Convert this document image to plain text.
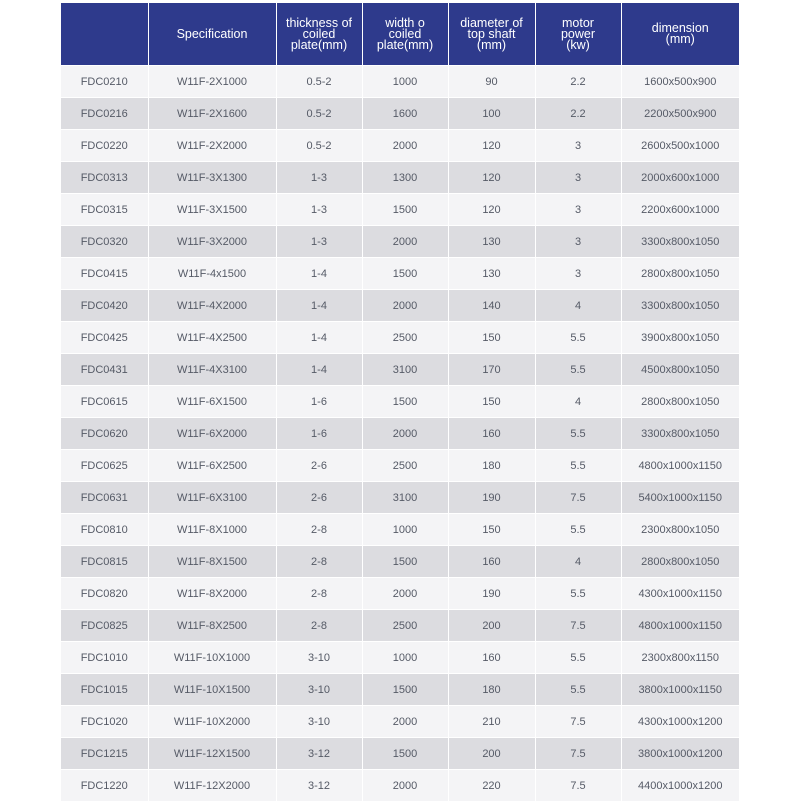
	Specification	thickness of
coiled
plate(mm)	width o
coiled
plate(mm)	diameter of
top shaft
(mm)	motor
power
(kw)	dimension
(mm)

FDC0210	W11F-2X1000	0.5-2	1000	90	2.2	1600x500x900
FDC0216	W11F-2X1600	0.5-2	1600	100	2.2	2200x500x900
FDC0220	W11F-2X2000	0.5-2	2000	120	3	2600x500x1000
FDC0313	W11F-3X1300	1-3	1300	120	3	2000x600x1000
FDC0315	W11F-3X1500	1-3	1500	120	3	2200x600x1000
FDC0320	W11F-3X2000	1-3	2000	130	3	3300x800x1050
FDC0415	W11F-4x1500	1-4	1500	130	3	2800x800x1050
FDC0420	W11F-4X2000	1-4	2000	140	4	3300x800x1050
FDC0425	W11F-4X2500	1-4	2500	150	5.5	3900x800x1050
FDC0431	W11F-4X3100	1-4	3100	170	5.5	4500x800x1050
FDC0615	W11F-6X1500	1-6	1500	150	4	2800x800x1050
FDC0620	W11F-6X2000	1-6	2000	160	5.5	3300x800x1050
FDC0625	W11F-6X2500	2-6	2500	180	5.5	4800x1000x1150
FDC0631	W11F-6X3100	2-6	3100	190	7.5	5400x1000x1150
FDC0810	W11F-8X1000	2-8	1000	150	5.5	2300x800x1050
FDC0815	W11F-8X1500	2-8	1500	160	4	2800x800x1050
FDC0820	W11F-8X2000	2-8	2000	190	5.5	4300x1000x1150
FDC0825	W11F-8X2500	2-8	2500	200	7.5	4800x1000x1150
FDC1010	W11F-10X1000	3-10	1000	160	5.5	2300x800x1150
FDC1015	W11F-10X1500	3-10	1500	180	5.5	3800x1000x1150
FDC1020	W11F-10X2000	3-10	2000	210	7.5	4300x1000x1200
FDC1215	W11F-12X1500	3-12	1500	200	7.5	3800x1000x1200
FDC1220	W11F-12X2000	3-12	2000	220	7.5	4400x1000x1200
